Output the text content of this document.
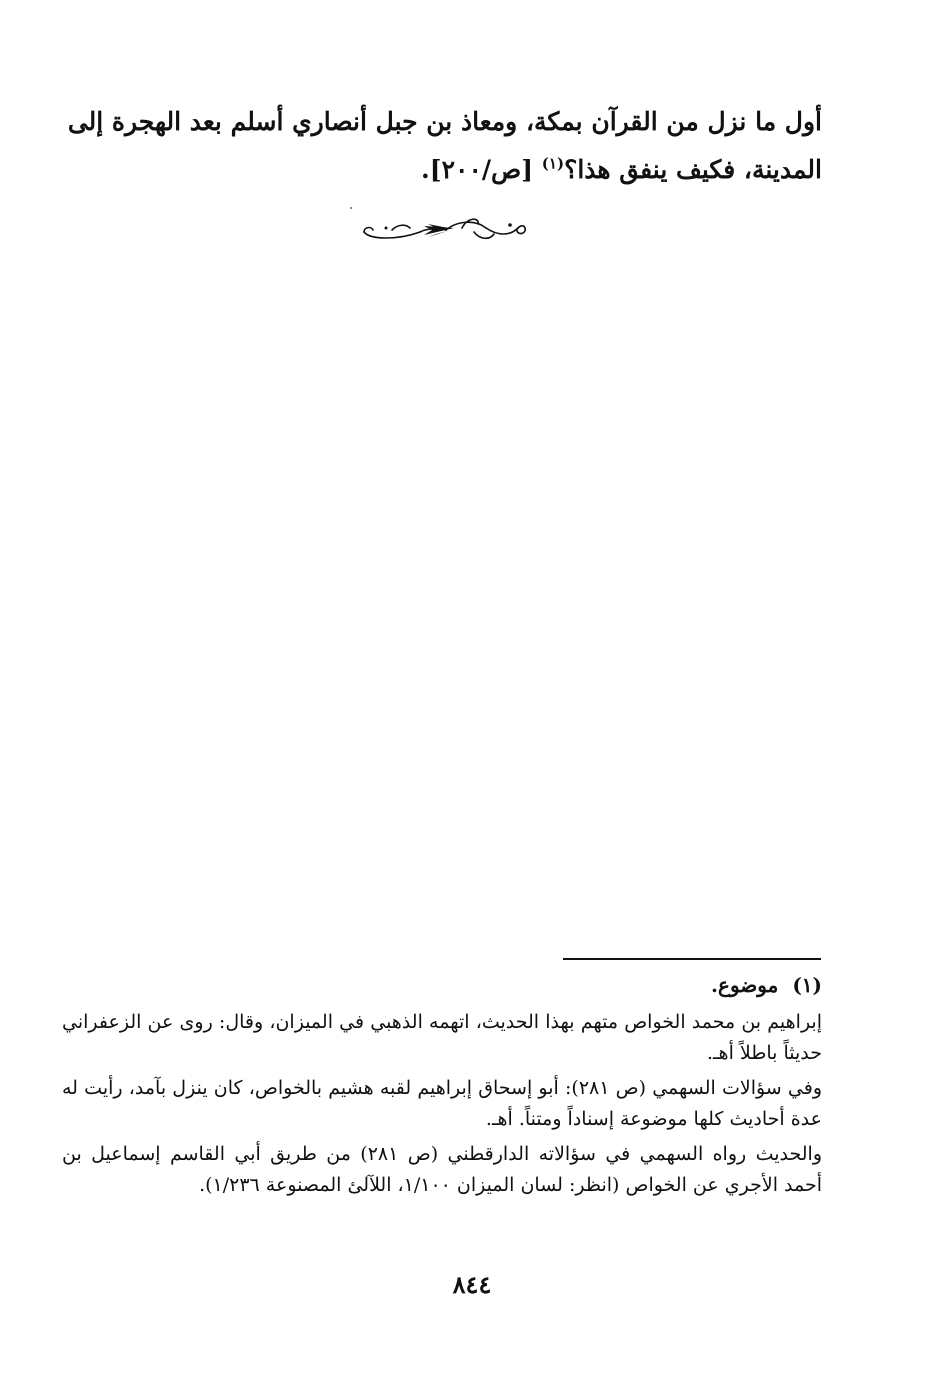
أول ما نزل من القرآن بمكة، ومعاذ بن جبل أنصاري أسلم بعد الهجرة إلى

المدينة، فكيف ينفق هذا؟$^{(١)}$ [ص/٢٠٠].

(١)موضوع.

إبراهيم بن محمد الخواص متهم بهذا الحديث، اتهمه الذهبي في الميزان، وقال: روى عن الزعفراني حديثاً باطلاً أهـ.

وفي سؤالات السهمي (ص ٢٨١): أبو إسحاق إبراهيم لقبه هشيم بالخواص، كان ينزل بآمد، رأيت له عدة أحاديث كلها موضوعة إسناداً ومتناً. أهـ.

والحديث رواه السهمي في سؤالاته الدارقطني (ص ٢٨١) من طريق أبي القاسم إسماعيل بن أحمد الأجري عن الخواص (انظر: لسان الميزان ١/١٠٠، اللآلئ المصنوعة ١/٢٣٦).

٨٤٤
